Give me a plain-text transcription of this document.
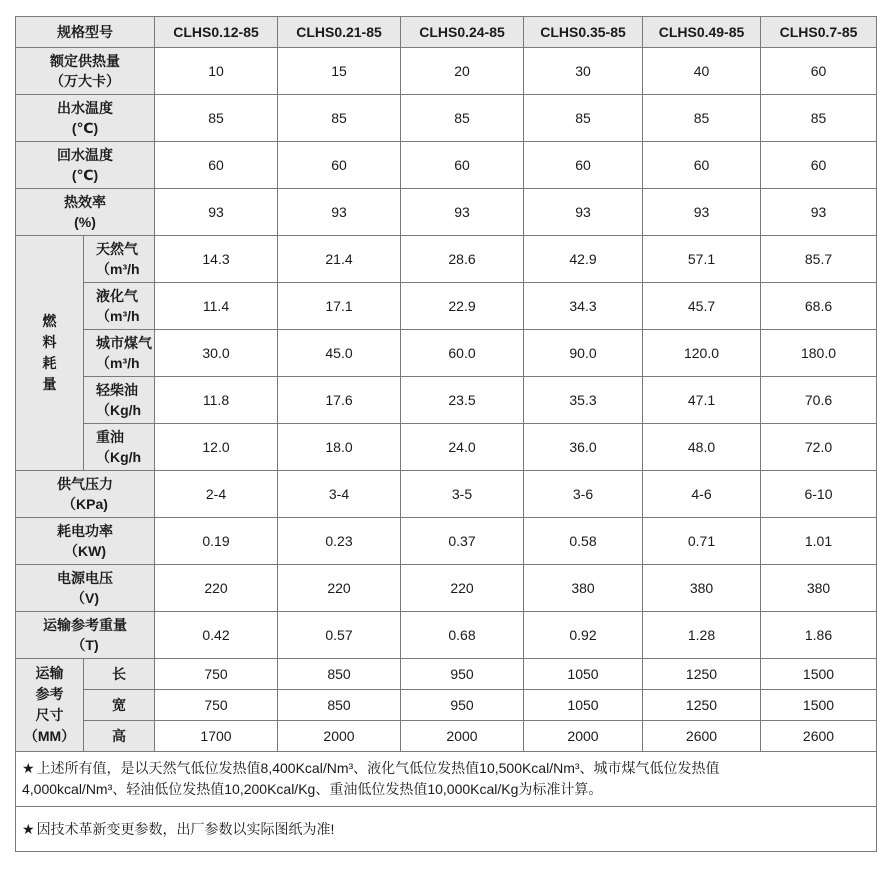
规格型号		CLHS0.12-85	CLHS0.21-85	CLHS0.24-85	CLHS0.35-85	CLHS0.49-85	CLHS0.7-85
额定供热量
（万大卡）		10	15	20	30	40	60
出水温度
(℃)		85	85	85	85	85	85
回水温度
(℃)		60	60	60	60	60	60
热效率
(%)		93	93	93	93	93	93
燃
料
耗
量	天然气
（m³/h	14.3	21.4	28.6	42.9	57.1	85.7
	液化气
（m³/h	11.4	17.1	22.9	34.3	45.7	68.6
	城市煤气
（m³/h	30.0	45.0	60.0	90.0	120.0	180.0
	轻柴油
（Kg/h	11.8	17.6	23.5	35.3	47.1	70.6
	重油
（Kg/h	12.0	18.0	24.0	36.0	48.0	72.0
供气压力
（KPa)		2-4	3-4	3-5	3-6	4-6	6-10
耗电功率
（KW)		0.19	0.23	0.37	0.58	0.71	1.01
电源电压
（V)		220	220	220	380	380	380
运输参考重量
（T)		0.42	0.57	0.68	0.92	1.28	1.86
运输
参考
尺寸
（MM）	长	750	850	950	1050	1250	1500
	宽	750	850	950	1050	1250	1500
	高	1700	2000	2000	2000	2600	2600
★ 上述所有值，是以天然气低位发热值8,400Kcal/Nm³、液化气低位发热值10,500Kcal/Nm³、城市煤气低位发热值
4,000kcal/Nm³、轻油低位发热值10,200Kcal/Kg、重油低位发热值10,000Kcal/Kg为标准计算。							
★ 因技术革新变更参数，出厂参数以实际图纸为准!							
